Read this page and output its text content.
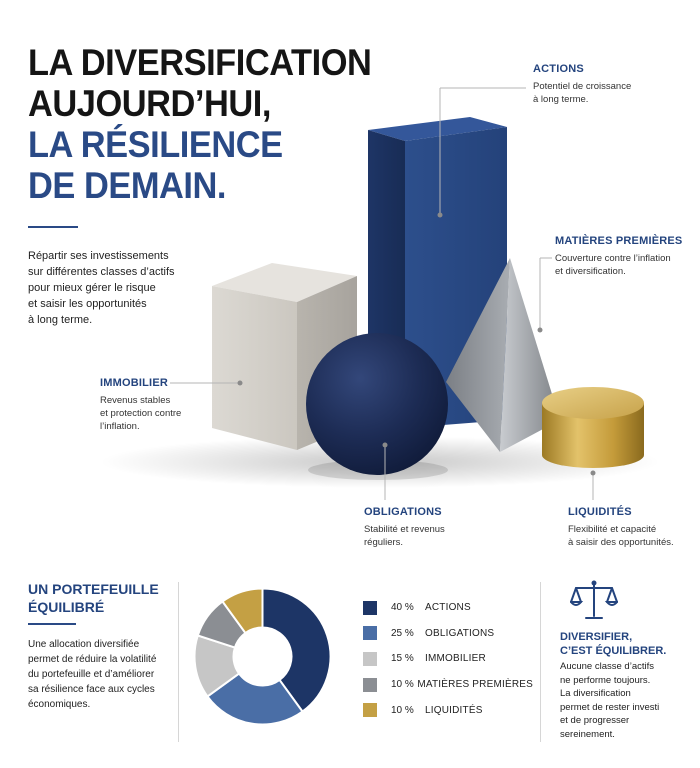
LA DIVERSIFICATION
AUJOURD’HUI,
LA RÉSILIENCE
DE DEMAIN.
Répartir ses investissements
sur différentes classes d’actifs
pour mieux gérer le risque
et saisir les opportunités
à long terme.
ACTIONS
Potentiel de croissance
à long terme.
MATIÈRES PREMIÈRES
Couverture contre l’inflation
et diversification.
IMMOBILIER
Revenus stables
et protection contre
l’inflation.
OBLIGATIONS
Stabilité et revenus
réguliers.
LIQUIDITÉS
Flexibilité et capacité
à saisir des opportunités.
UN PORTEFEUILLE
ÉQUILIBRÉ
Une allocation diversifiée
permet de réduire la volatilité
du portefeuille et d’améliorer
sa résilience face aux cycles
économiques.
40 %	ACTIONS
25 %	OBLIGATIONS
15 %	IMMOBILIER
10 % MATIÈRES PREMIÈRES
10 %	LIQUIDITÉS
DIVERSIFIER,
C’EST ÉQUILIBRER.
Aucune classe d’actifs
ne performe toujours.
La diversification
permet de rester investi
et de progresser
sereinement.
